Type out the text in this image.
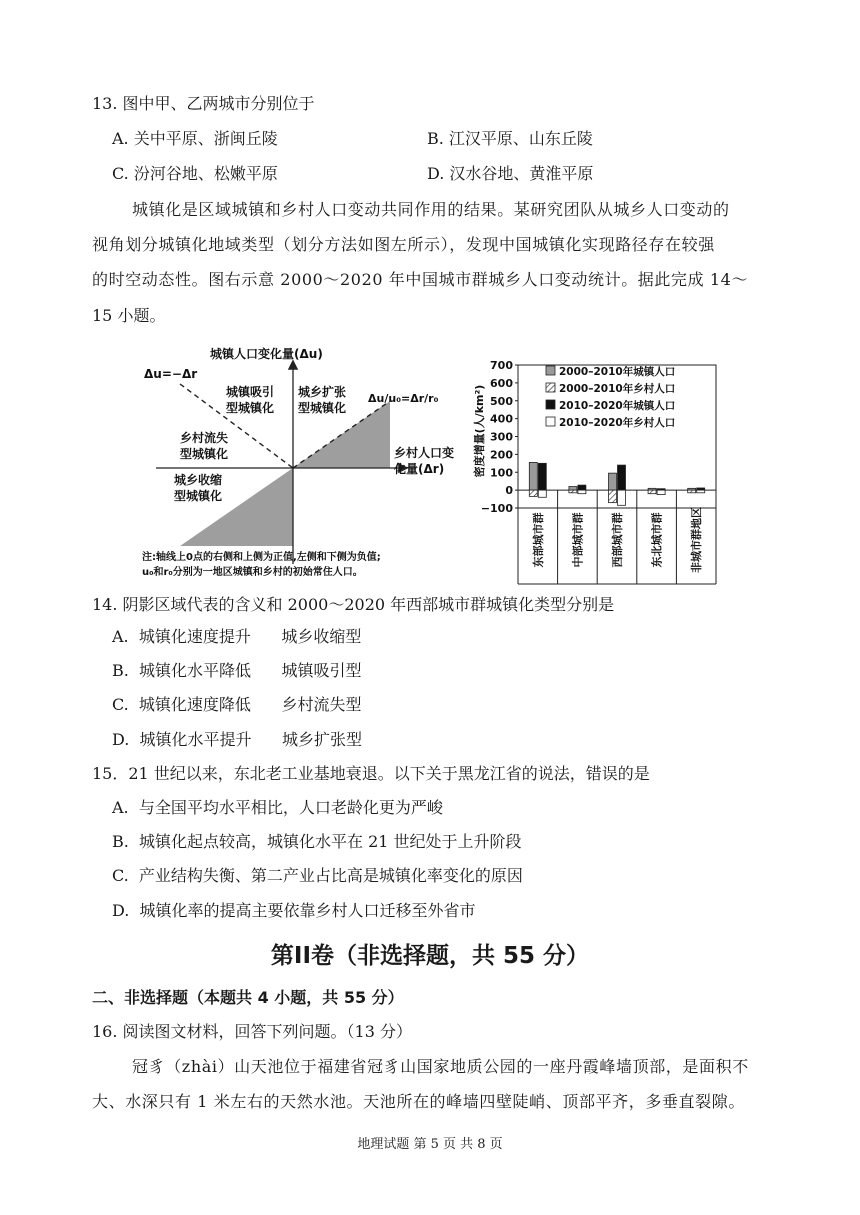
13. 图中甲、乙两城市分别位于
A. 关中平原、浙闽丘陵	B. 江汉平原、山东丘陵
C. 汾河谷地、松嫩平原	D. 汉水谷地、黄淮平原
城镇化是区域城镇和乡村人口变动共同作用的结果。某研究团队从城乡人口变动的
视角划分城镇化地域类型（划分方法如图左所示），发现中国城镇化实现路径存在较强
的时空动态性。图右示意 2000～2020 年中国城市群城乡人口变动统计。据此完成 14～
15 小题。
城镇人口变化量(Δu)
Δu=−Δr
Δu/u₀=Δr/r₀
城镇吸引
型城镇化
城乡扩张
型城镇化
乡村流失
型城镇化
城乡收缩
型城镇化
乡村人口变
化量(Δr)
注:轴线上0点的右侧和上侧为正值,左侧和下侧为负值;
u₀和r₀分别为一地区城镇和乡村的初始常住人口。
700
600
500
400
300
200
100
0
−100
东部城市群 中部城市群 西部城市群 东北城市群 非城市群地区
2000–2010年城镇人口
2000–2010年乡村人口
2010–2020年城镇人口
2010–2020年乡村人口
密度增量(人/km²)
14. 阴影区域代表的含义和 2000～2020 年西部城市群城镇化类型分别是
A.  城镇化速度提升      城乡收缩型
B.  城镇化水平降低      城镇吸引型
C.  城镇化速度降低      乡村流失型
D.  城镇化水平提升      城乡扩张型
15．21 世纪以来，东北老工业基地衰退。以下关于黑龙江省的说法，错误的是
A.  与全国平均水平相比，人口老龄化更为严峻
B.  城镇化起点较高，城镇化水平在 21 世纪处于上升阶段
C.  产业结构失衡、第二产业占比高是城镇化率变化的原因
D.  城镇化率的提高主要依靠乡村人口迁移至外省市
第II卷（非选择题，共 55 分）
二、非选择题（本题共 4 小题，共 55 分）
16. 阅读图文材料，回答下列问题。（13 分）
冠豸（zhài）山天池位于福建省冠豸山国家地质公园的一座丹霞峰墙顶部，是面积不
大、水深只有 1 米左右的天然水池。天池所在的峰墙四壁陡峭、顶部平齐，多垂直裂隙。
地理试题 第 5 页 共 8 页
